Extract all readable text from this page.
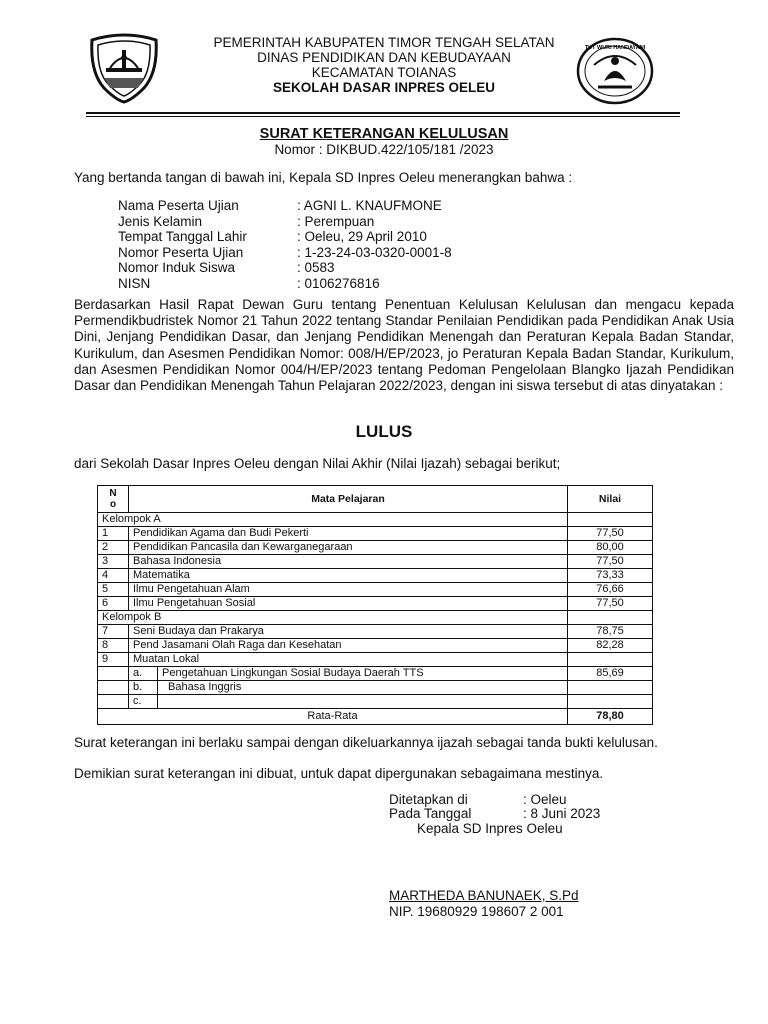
TUT WURI HANDAYANI
PEMERINTAH KABUPATEN TIMOR TENGAH SELATAN
DINAS PENDIDIKAN DAN KEBUDAYAAN
KECAMATAN TOIANAS
SEKOLAH DASAR INPRES OELEU
SURAT KETERANGAN KELULUSAN
Nomor : DIKBUD.422/105/181 /2023
Yang bertanda tangan di bawah ini, Kepala SD Inpres Oeleu menerangkan bahwa :
Nama Peserta Ujian	: AGNI L. KNAUFMONE
Jenis Kelamin	: Perempuan
Tempat Tanggal Lahir	: Oeleu, 29 April 2010
Nomor Peserta Ujian	: 1-23-24-03-0320-0001-8
Nomor Induk Siswa	: 0583
NISN	: 0106276816
Berdasarkan Hasil Rapat Dewan Guru tentang Penentuan Kelulusan Kelulusan dan mengacu kepada Permendikbudristek Nomor 21 Tahun 2022 tentang Standar Penilaian Pendidikan pada Pendidikan Anak Usia Dini, Jenjang Pendidikan Dasar, dan Jenjang Pendidikan Menengah dan Peraturan Kepala Badan Standar, Kurikulum, dan Asesmen Pendidikan Nomor: 008/H/EP/2023, jo Peraturan Kepala Badan Standar, Kurikulum, dan Asesmen Pendidikan Nomor 004/H/EP/2023 tentang Pedoman Pengelolaan Blangko Ijazah Pendidikan Dasar dan Pendidikan Menengah Tahun Pelajaran 2022/2023, dengan ini siswa tersebut di atas dinyatakan :
LULUS
dari Sekolah Dasar Inpres Oeleu dengan Nilai Akhir (Nilai Ijazah) sebagai berikut;
N
o	Mata Pelajaran		Nilai
Kelompok A			
1	Pendidikan Agama dan Budi Pekerti		77,50
2	Pendidikan Pancasila dan Kewarganegaraan		80,00
3	Bahasa Indonesia		77,50
4	Matematika		73,33
5	Ilmu Pengetahuan Alam		76,66
6	Ilmu Pengetahuan Sosial		77,50
Kelompok B			
7	Seni Budaya dan Prakarya		78,75
8	Pend Jasamani Olah Raga dan Kesehatan		82,28
9	Muatan Lokal		
	a.	Pengetahuan Lingkungan Sosial Budaya Daerah TTS	85,69
	b.	Bahasa Inggris	
	c.		
Rata-Rata			78,80
Surat keterangan ini berlaku sampai dengan dikeluarkannya ijazah sebagai tanda bukti kelulusan.
Demikian surat keterangan ini dibuat, untuk dapat dipergunakan sebagaimana mestinya.
Ditetapkan di	: Oeleu
Pada Tanggal	: 8 Juni 2023
Kepala SD Inpres Oeleu
MARTHEDA BANUNAEK, S.Pd
NIP. 19680929 198607 2 001
